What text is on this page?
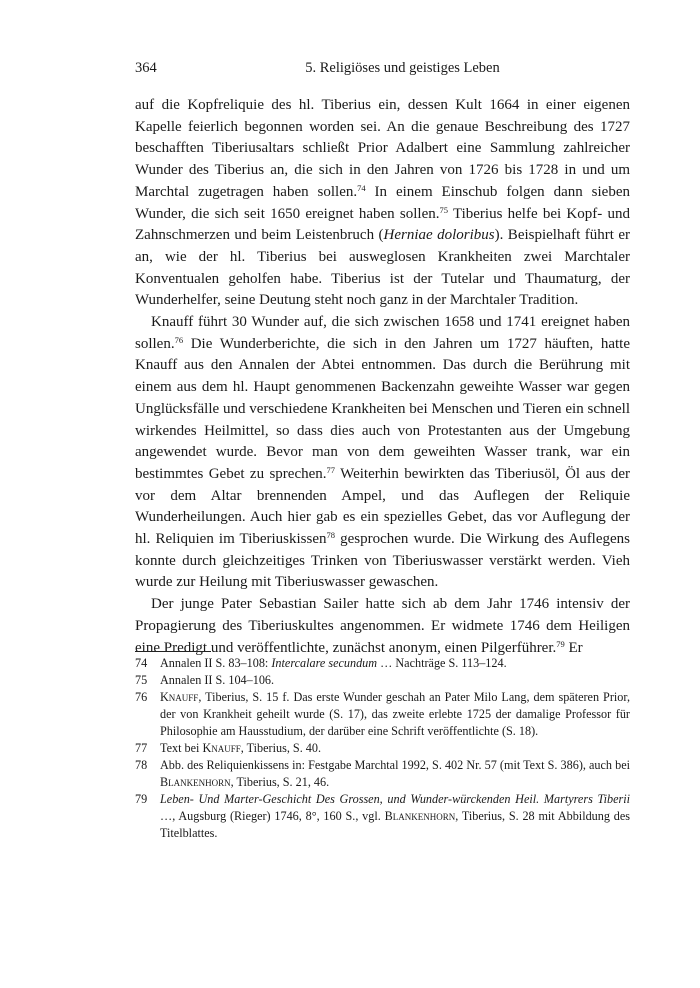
364	5. Religiöses und geistiges Leben

auf die Kopfreliquie des hl. Tiberius ein, dessen Kult 1664 in einer eigenen Kapelle feierlich begonnen worden sei. An die genaue Beschreibung des 1727 beschafften Tiberiusaltars schließt Prior Adalbert eine Sammlung zahlreicher Wunder des Tiberius an, die sich in den Jahren von 1726 bis 1728 in und um Marchtal zugetragen haben sollen.$^{74}$ In einem Einschub folgen dann sieben Wunder, die sich seit 1650 ereignet haben sollen.$^{75}$ Tiberius helfe bei Kopf- und Zahnschmerzen und beim Leistenbruch (Herniae doloribus). Beispielhaft führt er an, wie der hl. Tiberius bei ausweglosen Krankheiten zwei Marchtaler Konventualen geholfen habe. Tiberius ist der Tutelar und Thaumaturg, der Wunderhelfer, seine Deutung steht noch ganz in der Marchtaler Tradition.

Knauff führt 30 Wunder auf, die sich zwischen 1658 und 1741 ereignet haben sollen.$^{76}$ Die Wunderberichte, die sich in den Jahren um 1727 häuften, hatte Knauff aus den Annalen der Abtei entnommen. Das durch die Berührung mit einem aus dem hl. Haupt genommenen Backenzahn geweihte Wasser war gegen Unglücksfälle und verschiedene Krankheiten bei Menschen und Tieren ein schnell wirkendes Heilmittel, so dass dies auch von Protestanten aus der Umgebung angewendet wurde. Bevor man von dem geweihten Wasser trank, war ein bestimmtes Gebet zu sprechen.$^{77}$ Weiterhin bewirkten das Tiberiusöl, Öl aus der vor dem Altar brennenden Ampel, und das Auflegen der Reliquie Wunderheilungen. Auch hier gab es ein spezielles Gebet, das vor Auflegung der hl. Reliquien im Tiberiuskissen$^{78}$ gesprochen wurde. Die Wirkung des Auflegens konnte durch gleichzeitiges Trinken von Tiberiuswasser verstärkt werden. Vieh wurde zur Heilung mit Tiberiuswasser gewaschen.

Der junge Pater Sebastian Sailer hatte sich ab dem Jahr 1746 intensiv der Propagierung des Tiberiuskultes angenommen. Er widmete 1746 dem Heiligen eine Predigt und veröffentlichte, zunächst anonym, einen Pilgerführer.$^{79}$ Er

74 Annalen II S. 83–108: Intercalare secundum … Nachträge S. 113–124.

75 Annalen II S. 104–106.

76 Knauff, Tiberius, S. 15 f. Das erste Wunder geschah an Pater Milo Lang, dem späteren Prior, der von Krankheit geheilt wurde (S. 17), das zweite erlebte 1725 der damalige Professor für Philosophie am Hausstudium, der darüber eine Schrift veröffentlichte (S. 18).

77 Text bei Knauff, Tiberius, S. 40.

78 Abb. des Reliquienkissens in: Festgabe Marchtal 1992, S. 402 Nr. 57 (mit Text S. 386), auch bei Blankenhorn, Tiberius, S. 21, 46.

79 Leben- Und Marter-Geschicht Des Grossen, und Wunder-würckenden Heil. Martyrers Tiberii …, Augsburg (Rieger) 1746, 8°, 160 S., vgl. Blankenhorn, Tiberius, S. 28 mit Abbildung des Titelblattes.
